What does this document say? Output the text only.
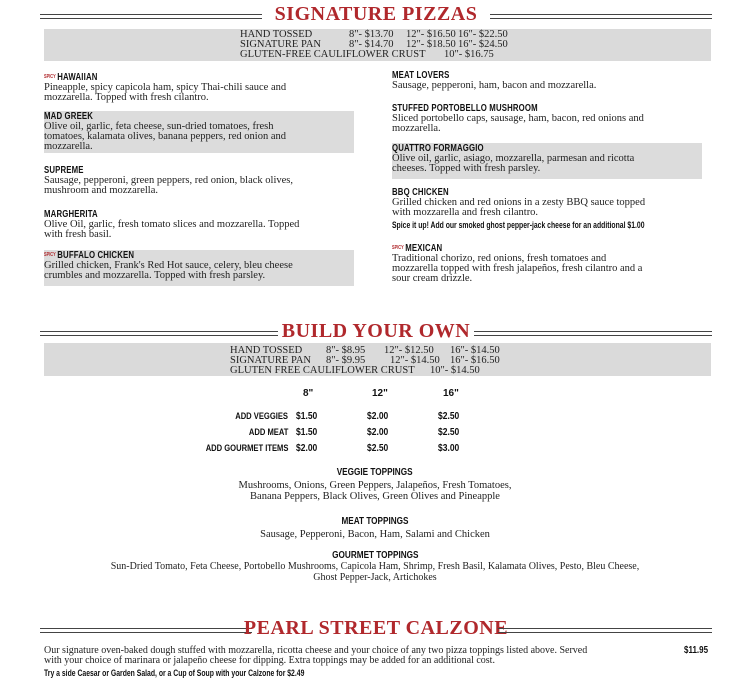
SIGNATURE PIZZAS
HAND TOSSED	8"- $13.70 12"- $16.50 16"- $22.50
SIGNATURE PAN	8"- $14.70 12"- $18.50 16"- $24.50
GLUTEN-FREE CAULIFLOWER CRUST 10"- $16.75
SPICY HAWAIIAN
Pineapple, spicy capicola ham, spicy Thai-chili sauce and
mozzarella. Topped with fresh cilantro.
MAD GREEK
Olive oil, garlic, feta cheese, sun-dried tomatoes, fresh
tomatoes, kalamata olives, banana peppers, red onion and
mozzarella.
SUPREME
Sausage, pepperoni, green peppers, red onion, black olives,
mushroom and mozzarella.
MARGHERITA
Olive Oil, garlic, fresh tomato slices and mozzarella. Topped
with fresh basil.
SPICY BUFFALO CHICKEN
Grilled chicken, Frank's Red Hot sauce, celery, bleu cheese
crumbles and mozzarella. Topped with fresh parsley.
MEAT LOVERS
Sausage, pepperoni, ham, bacon and mozzarella.
STUFFED PORTOBELLO MUSHROOM
Sliced portobello caps, sausage, ham, bacon, red onions and
mozzarella.
QUATTRO FORMAGGIO
Olive oil, garlic, asiago, mozzarella, parmesan and ricotta
cheeses. Topped with fresh parsley.
BBQ CHICKEN
Grilled chicken and red onions in a zesty BBQ sauce topped
with mozzarella and fresh cilantro.
Spice it up! Add our smoked ghost pepper-jack cheese for an additional $1.00
SPICY MEXICAN
Traditional chorizo, red onions, fresh tomatoes and
mozzarella topped with fresh jalapeños, fresh cilantro and a
sour cream drizzle.
BUILD YOUR OWN
HAND TOSSED 8"- $8.95 12"- $12.50 16"- $14.50
SIGNATURE PAN 8"- $9.95 12"- $14.50 16"- $16.50
GLUTEN FREE CAULIFLOWER CRUST 10"- $14.50
8"	12"	16"
ADD VEGGIES $1.50	$2.00	$2.50
ADD MEAT $1.50	$2.00	$2.50
ADD GOURMET ITEMS $2.00	$2.50	$3.00
VEGGIE TOPPINGS
Mushrooms, Onions, Green Peppers, Jalapeños, Fresh Tomatoes,
Banana Peppers, Black Olives, Green Olives and Pineapple
MEAT TOPPINGS
Sausage, Pepperoni, Bacon, Ham, Salami and Chicken
GOURMET TOPPINGS
Sun-Dried Tomato, Feta Cheese, Portobello Mushrooms, Capicola Ham, Shrimp, Fresh Basil, Kalamata Olives, Pesto, Bleu Cheese,
Ghost Pepper-Jack, Artichokes
PEARL STREET CALZONE
Our signature oven-baked dough stuffed with mozzarella, ricotta cheese and your choice of any two pizza toppings listed above. Served
with your choice of marinara or jalapeño cheese for dipping. Extra toppings may be added for an additional cost.
$11.95
Try a side Caesar or Garden Salad, or a Cup of Soup with your Calzone for $2.49
